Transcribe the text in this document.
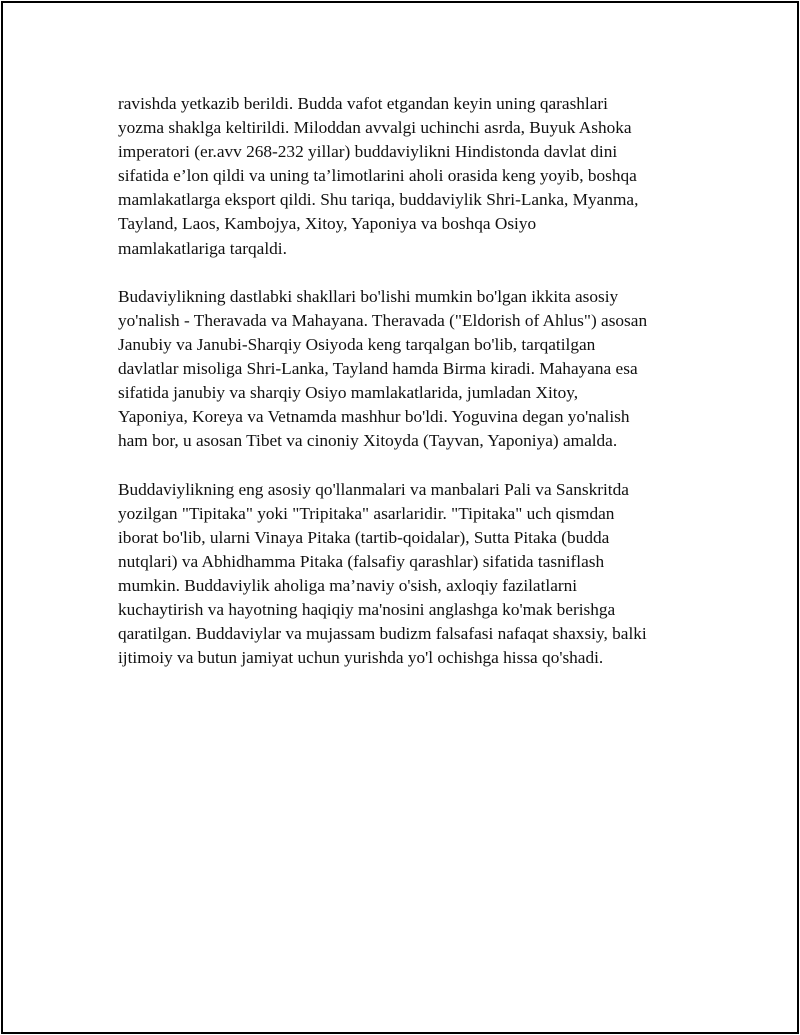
ravishda yetkazib berildi. Budda vafot etgandan keyin uning qarashlari
yozma shaklga keltirildi. Miloddan avvalgi uchinchi asrda, Buyuk Ashoka
imperatori (er.avv 268-232 yillar) buddaviylikni Hindistonda davlat dini
sifatida e’lon qildi va uning ta’limotlarini aholi orasida keng yoyib, boshqa
mamlakatlarga eksport qildi. Shu tariqa, buddaviylik Shri-Lanka, Myanma,
Tayland, Laos, Kambojya, Xitoy, Yaponiya va boshqa Osiyo
mamlakatlariga tarqaldi.

Budaviylikning dastlabki shakllari bo'lishi mumkin bo'lgan ikkita asosiy
yo'nalish - Theravada va Mahayana. Theravada ("Eldorish of Ahlus") asosan
Janubiy va Janubi-Sharqiy Osiyoda keng tarqalgan bo'lib, tarqatilgan
davlatlar misoliga Shri-Lanka, Tayland hamda Birma kiradi. Mahayana esa
sifatida janubiy va sharqiy Osiyo mamlakatlarida, jumladan Xitoy,
Yaponiya, Koreya va Vetnamda mashhur bo'ldi. Yoguvina degan yo'nalish
ham bor, u asosan Tibet va cinoniy Xitoyda (Tayvan, Yaponiya) amalda.

Buddaviylikning eng asosiy qo'llanmalari va manbalari Pali va Sanskritda
yozilgan "Tipitaka" yoki "Tripitaka" asarlaridir. "Tipitaka" uch qismdan
iborat bo'lib, ularni Vinaya Pitaka (tartib-qoidalar), Sutta Pitaka (budda
nutqlari) va Abhidhamma Pitaka (falsafiy qarashlar) sifatida tasniflash
mumkin. Buddaviylik aholiga ma’naviy o'sish, axloqiy fazilatlarni
kuchaytirish va hayotning haqiqiy ma'nosini anglashga ko'mak berishga
qaratilgan. Buddaviylar va mujassam budizm falsafasi nafaqat shaxsiy, balki
ijtimoiy va butun jamiyat uchun yurishda yo'l ochishga hissa qo'shadi.
